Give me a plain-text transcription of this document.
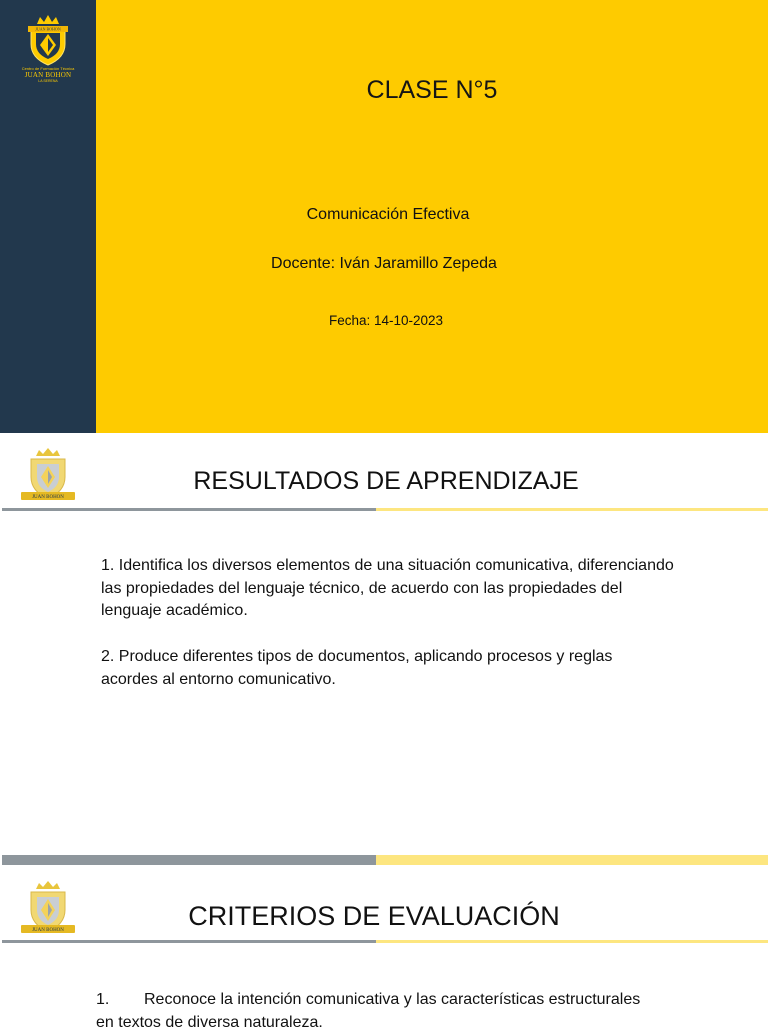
JUAN BOHON
Centro de Formación Técnica
JUAN BOHON
LA SERENA	CLASE N°5
Comunicación Efectiva
Docente: Iván Jaramillo Zepeda
Fecha: 14-10-2023
JUAN BOHON
RESULTADOS DE APRENDIZAJE
1. Identifica los diversos elementos de una situación comunicativa, diferenciando las propiedades del lenguaje técnico, de acuerdo con las propiedades del lenguaje académico.
2. Produce diferentes tipos de documentos, aplicando procesos y reglas acordes al entorno comunicativo.
JUAN BOHON	CRITERIOS DE EVALUACIÓN
1. Reconoce la intención comunicativa y las características estructurales en textos de diversa naturaleza.
